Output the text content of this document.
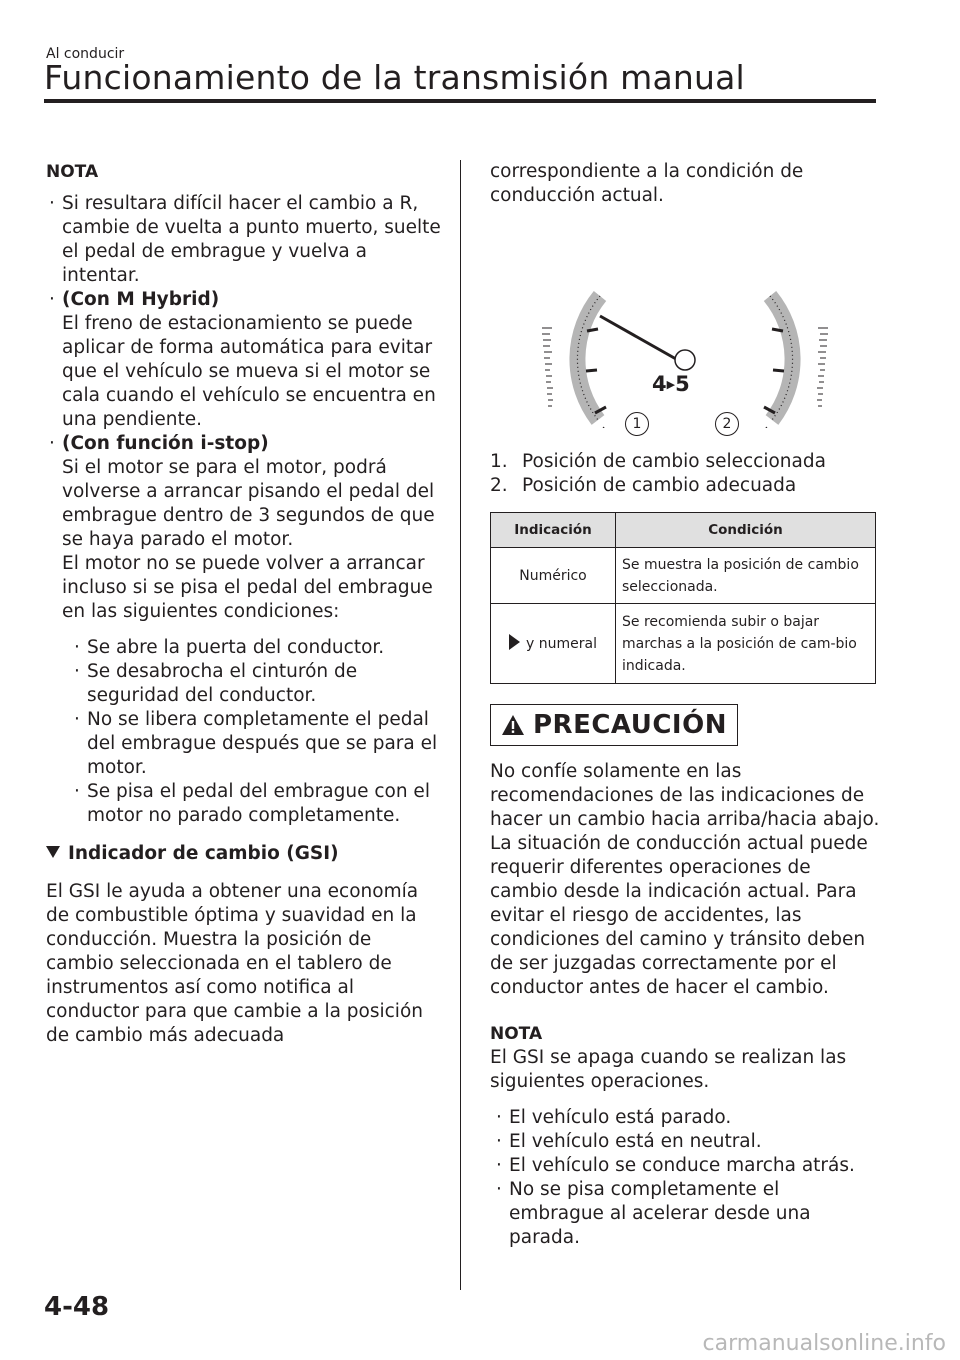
Al conducir
Funcionamiento de la transmisión manual

NOTA

· Si resultara difícil hacer el cambio a R, cambie de vuelta a punto muerto, suelte el pedal de embrague y vuelva a intentar.
· (Con M Hybrid)
El freno de estacionamiento se puede aplicar de forma automática para evitar que el vehículo se mueva si el motor se cala cuando el vehículo se encuentra en una pendiente.
· (Con función i-stop)
Si el motor se para el motor, podrá volverse a arrancar pisando el pedal del embrague dentro de 3 segundos de que se haya parado el motor.
El motor no se puede volver a arrancar incluso si se pisa el pedal del embrague en las siguientes condiciones:
· Se abre la puerta del conductor.
· Se desabrocha el cinturón de seguridad del conductor.
· No se libera completamente el pedal del embrague después que se para el motor.
· Se pisa el pedal del embrague con el motor no parado completamente.
Indicador de cambio (GSI)

El GSI le ayuda a obtener una economía de combustible óptima y suavidad en la conducción. Muestra la posición de cambio seleccionada en el tablero de instrumentos así como notifica al conductor para que cambie a la posición de cambio más adecuada

correspondiente a la condición de conducción actual.

1	2
4▶5
1. Posición de cambio seleccionada
2. Posición de cambio adecuada
Indicación	Condición
Numérico	Se muestra la posición de cambio seleccionada.
y numeral	Se recomienda subir o bajar marchas a la posición de cam-bio indicada.
PRECAUCIÓN

No confíe solamente en las recomendaciones de las indicaciones de hacer un cambio hacia arriba/hacia abajo. La situación de conducción actual puede requerir diferentes operaciones de cambio desde la indicación actual. Para evitar el riesgo de accidentes, las condiciones del camino y tránsito deben de ser juzgadas correctamente por el conductor antes de hacer el cambio.

NOTA

El GSI se apaga cuando se realizan las siguientes operaciones.

· El vehículo está parado.
· El vehículo está en neutral.
· El vehículo se conduce marcha atrás.
· No se pisa completamente el embrague al acelerar desde una parada.
4-48
carmanualsonline.info
